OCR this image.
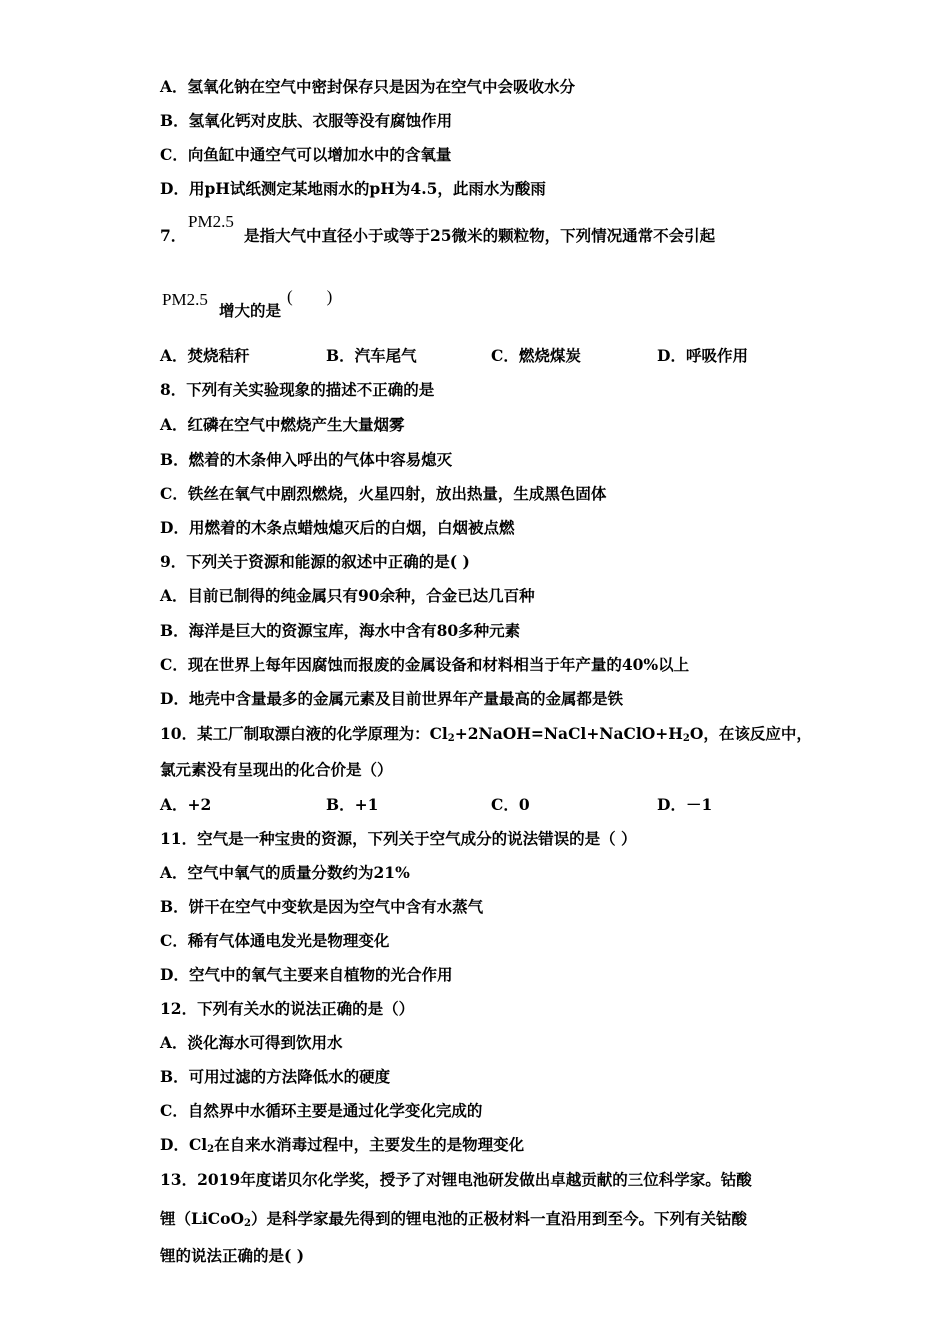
A．氢氧化钠在空气中密封保存只是因为在空气中会吸收水分
B．氢氧化钙对皮肤、衣服等没有腐蚀作用
C．向鱼缸中通空气可以增加水中的含氧量
D．用pH试纸测定某地雨水的pH为4.5，此雨水为酸雨
7．
PM2.5
是指大气中直径小于或等于25微米的颗粒物，下列情况通常不会引起
PM2.5
增大的是
(        )
A．焚烧秸秆	B．汽车尾气	C．燃烧煤炭	D．呼吸作用
8．下列有关实验现象的描述不正确的是
A．红磷在空气中燃烧产生大量烟雾
B．燃着的木条伸入呼出的气体中容易熄灭
C．铁丝在氧气中剧烈燃烧，火星四射，放出热量，生成黑色固体
D．用燃着的木条点蜡烛熄灭后的白烟，白烟被点燃
9．下列关于资源和能源的叙述中正确的是( )
A．目前已制得的纯金属只有90余种，合金已达几百种
B．海洋是巨大的资源宝库，海水中含有80多种元素
C．现在世界上每年因腐蚀而报废的金属设备和材料相当于年产量的40%以上
D．地壳中含量最多的金属元素及目前世界年产量最高的金属都是铁
10．某工厂制取漂白液的化学原理为：$Cl_2+2NaOH=NaCl+NaClO+H_2O$，在该反应中，
氯元素没有呈现出的化合价是（）
A．+2	B．+1	C．0	D．－1
11．空气是一种宝贵的资源，下列关于空气成分的说法错误的是（ ）
A．空气中氧气的质量分数约为21%
B．饼干在空气中变软是因为空气中含有水蒸气
C．稀有气体通电发光是物理变化
D．空气中的氧气主要来自植物的光合作用
12．下列有关水的说法正确的是（）
A．淡化海水可得到饮用水
B．可用过滤的方法降低水的硬度
C．自然界中水循环主要是通过化学变化完成的
D．$Cl_2$在自来水消毒过程中，主要发生的是物理变化
13．2019年度诺贝尔化学奖，授予了对锂电池研发做出卓越贡献的三位科学家。钴酸
锂（LiCoO$_2$）是科学家最先得到的锂电池的正极材料一直沿用到至今。下列有关钴酸
锂的说法正确的是( )
